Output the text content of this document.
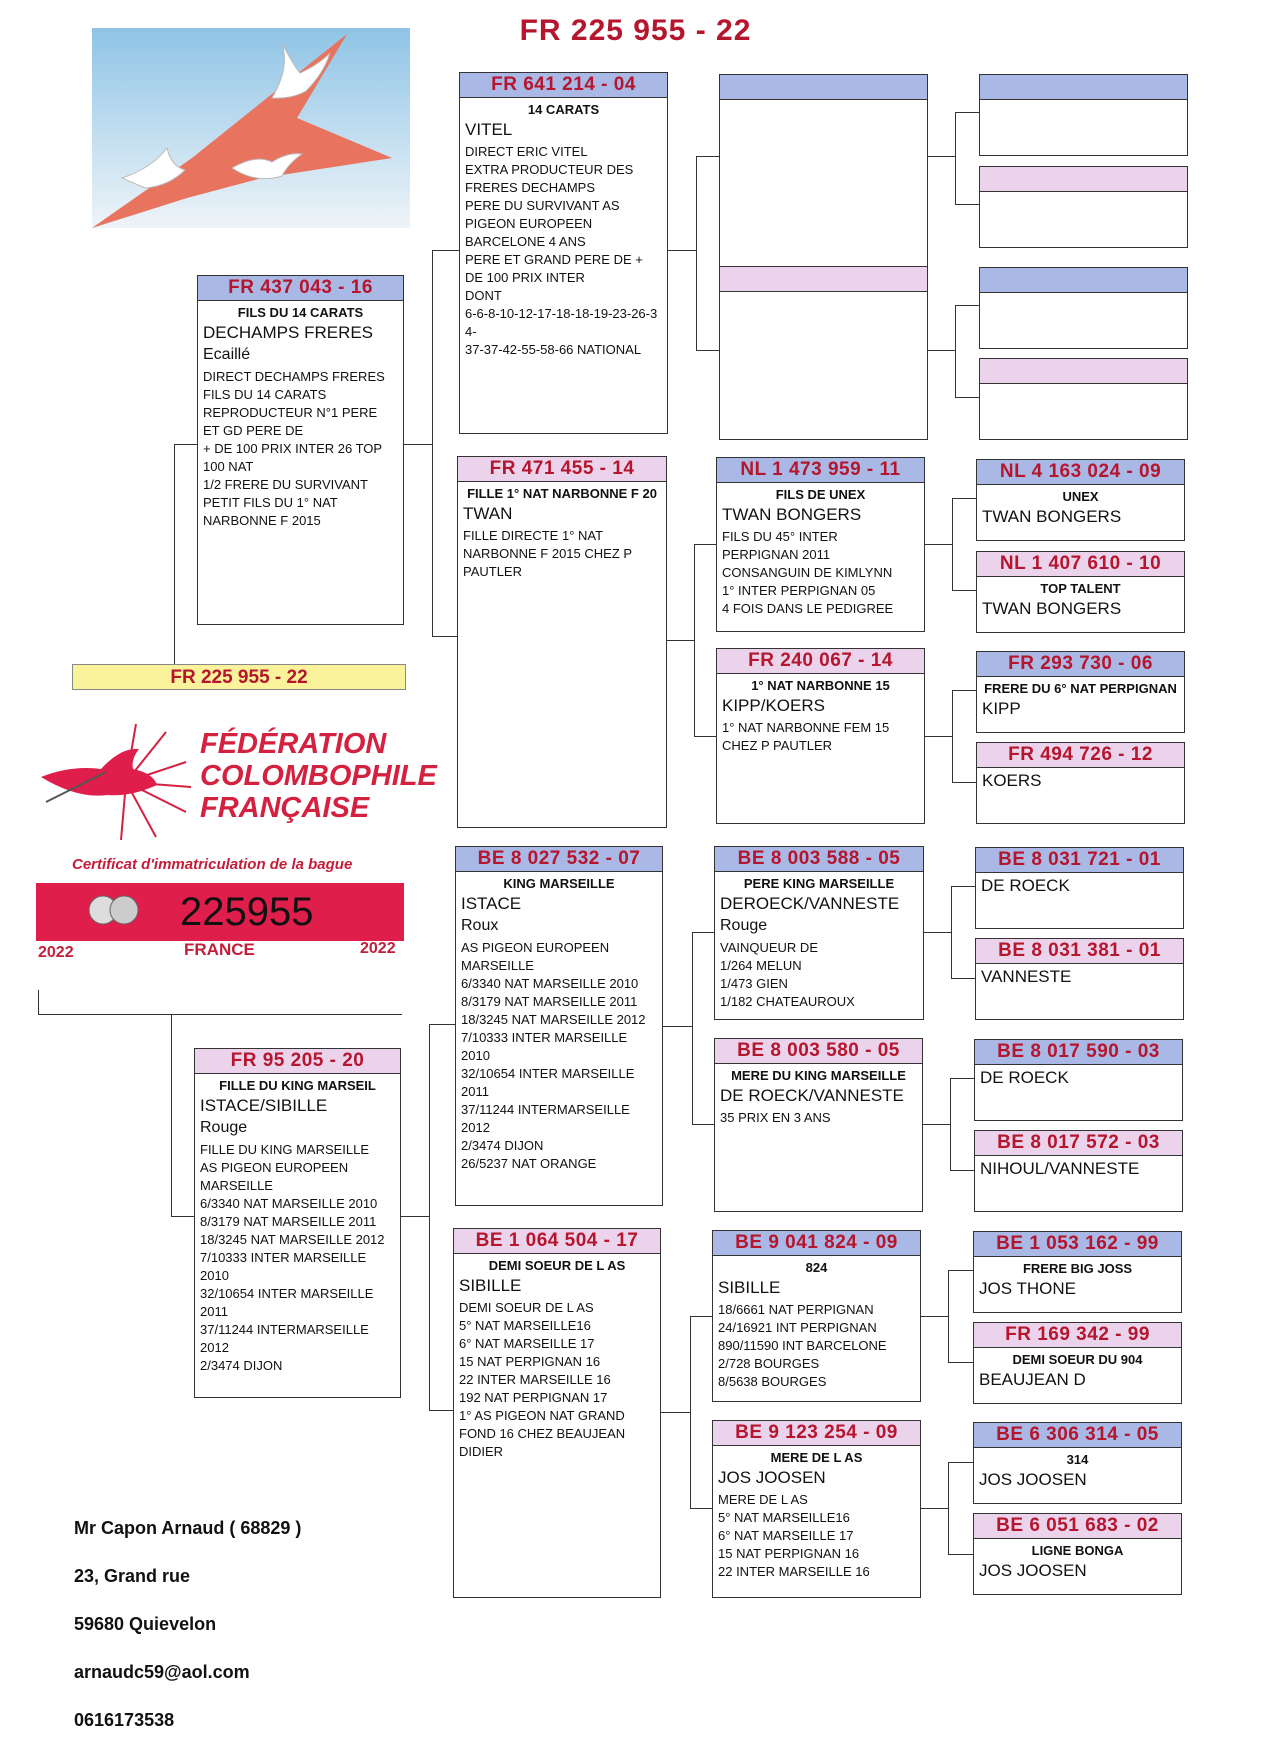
FR 225 955 - 22
FR 437 043 - 16
FILS DU 14 CARATS
DECHAMPS FRERES
Ecaillé
DIRECT DECHAMPS FRERES
FILS DU 14 CARATS
REPRODUCTEUR N°1 PERE
ET GD PERE DE
+ DE 100 PRIX INTER 26 TOP
100 NAT
1/2 FRERE DU SURVIVANT
PETIT FILS DU 1° NAT
NARBONNE F 2015
FR 95 205 - 20
FILLE DU KING MARSEIL
ISTACE/SIBILLE
Rouge
FILLE DU KING MARSEILLE
AS PIGEON EUROPEEN
MARSEILLE
6/3340 NAT MARSEILLE 2010
8/3179 NAT MARSEILLE 2011
18/3245 NAT MARSEILLE 2012
7/10333 INTER MARSEILLE
2010
32/10654 INTER MARSEILLE
2011
37/11244 INTERMARSEILLE
2012
2/3474 DIJON
FR 225 955 - 22
FÉDÉRATION
COLOMBOPHILE
FRANÇAISE
Certificat d'immatriculation de la bague
225955
2022	FRANCE	2022

Mr Capon Arnaud ( 68829 )

23, Grand rue

59680 Quievelon

arnaudc59@aol.com

0616173538

FR 641 214 - 04
14 CARATS
VITEL
DIRECT ERIC VITEL
EXTRA PRODUCTEUR DES
FRERES DECHAMPS
PERE DU SURVIVANT AS
PIGEON EUROPEEN
BARCELONE 4 ANS
PERE ET GRAND PERE DE +
DE 100 PRIX INTER
DONT
6-6-8-10-12-17-18-18-19-23-26-3
4-
37-37-42-55-58-66 NATIONAL
FR 471 455 - 14
FILLE 1° NAT NARBONNE F 20
TWAN
FILLE DIRECTE 1° NAT
NARBONNE F 2015 CHEZ P
PAUTLER
BE 8 027 532 - 07
KING MARSEILLE
ISTACE
Roux
AS PIGEON EUROPEEN
MARSEILLE
6/3340 NAT MARSEILLE 2010
8/3179 NAT MARSEILLE 2011
18/3245 NAT MARSEILLE 2012
7/10333 INTER MARSEILLE
2010
32/10654 INTER MARSEILLE
2011
37/11244 INTERMARSEILLE
2012
2/3474 DIJON
26/5237 NAT ORANGE
BE 1 064 504 - 17
DEMI SOEUR DE L AS
SIBILLE
DEMI SOEUR DE L AS
5° NAT MARSEILLE16
6° NAT MARSEILLE 17
15 NAT PERPIGNAN 16
22 INTER MARSEILLE 16
192 NAT PERPIGNAN 17
1° AS PIGEON NAT GRAND
FOND 16 CHEZ BEAUJEAN
DIDIER
NL 1 473 959 - 11
FILS DE UNEX
TWAN BONGERS
FILS DU 45° INTER
PERPIGNAN 2011
CONSANGUIN DE KIMLYNN
1° INTER PERPIGNAN 05
4 FOIS DANS LE PEDIGREE
FR 240 067 - 14
1° NAT NARBONNE 15
KIPP/KOERS
1° NAT NARBONNE FEM 15
CHEZ P PAUTLER
BE 8 003 588 - 05
PERE KING MARSEILLE
DEROECK/VANNESTE
Rouge
VAINQUEUR DE
1/264 MELUN
1/473 GIEN
1/182 CHATEAUROUX
BE 8 003 580 - 05
MERE DU KING MARSEILLE
DE ROECK/VANNESTE
35 PRIX EN 3 ANS
BE 9 041 824 - 09
824
SIBILLE
18/6661 NAT PERPIGNAN
24/16921 INT PERPIGNAN
890/11590 INT BARCELONE
2/728 BOURGES
8/5638 BOURGES
BE 9 123 254 - 09
MERE DE L AS
JOS JOOSEN
MERE DE L AS
5° NAT MARSEILLE16
6° NAT MARSEILLE 17
15 NAT PERPIGNAN 16
22 INTER MARSEILLE 16
NL 4 163 024 - 09
UNEX
TWAN BONGERS
NL 1 407 610 - 10
TOP TALENT
TWAN BONGERS
FR 293 730 - 06
FRERE DU 6° NAT PERPIGNAN
KIPP
FR 494 726 - 12
KOERS
BE 8 031 721 - 01
DE ROECK
BE 8 031 381 - 01
VANNESTE
BE 8 017 590 - 03
DE ROECK
BE 8 017 572 - 03
NIHOUL/VANNESTE
BE 1 053 162 - 99
FRERE BIG JOSS
JOS THONE
FR 169 342 - 99
DEMI SOEUR DU 904
BEAUJEAN D
BE 6 306 314 - 05
314
JOS JOOSEN
BE 6 051 683 - 02
LIGNE BONGA
JOS JOOSEN
